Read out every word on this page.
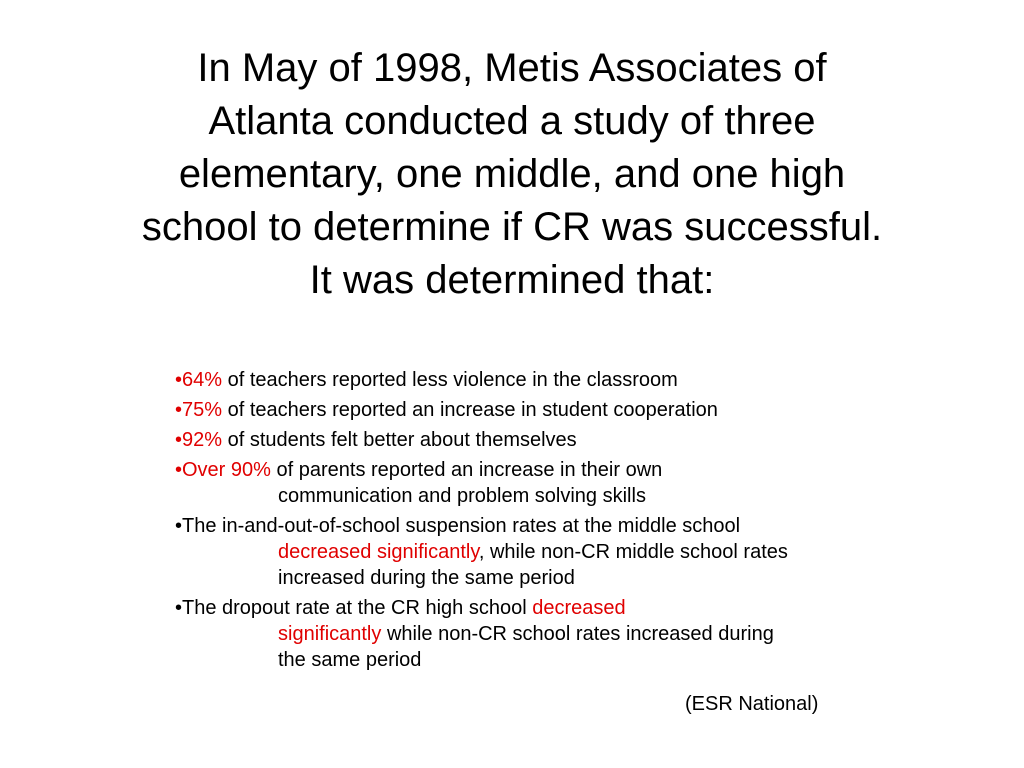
In May of 1998, Metis Associates of
Atlanta conducted a study of three
elementary, one middle, and one high
school to determine if CR was successful.
It was determined that:

•64% of teachers reported less violence in the classroom

•75% of teachers reported an increase in student cooperation

•92% of students felt better about themselves

•Over 90% of parents reported an increase in their own
communication and problem solving skills

•The in-and-out-of-school suspension rates at the middle school
decreased significantly, while non-CR middle school rates
increased during the same period

•The dropout rate at the CR high school decreased
significantly while non-CR school rates increased during
the same period

(ESR National)
